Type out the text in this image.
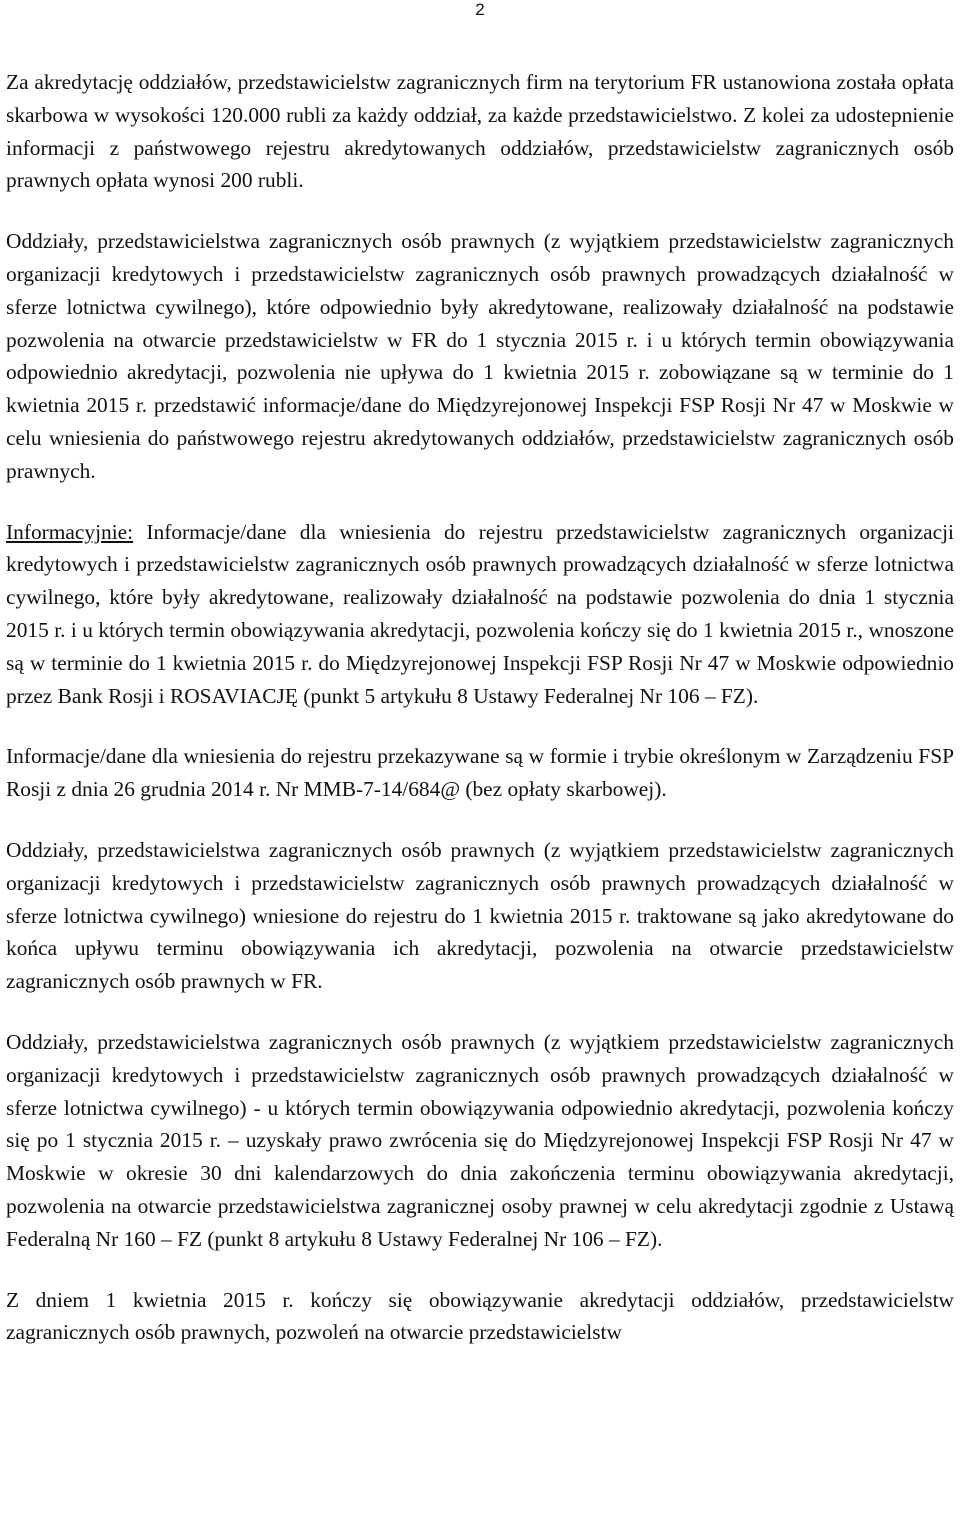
2

Za akredytację oddziałów, przedstawicielstw zagranicznych firm na terytorium FR ustanowiona została opłata skarbowa w wysokości 120.000 rubli za każdy oddział, za każde przedstawicielstwo. Z kolei za udostepnienie informacji z państwowego rejestru akredytowanych oddziałów, przedstawicielstw zagranicznych osób prawnych opłata wynosi 200 rubli.

Oddziały, przedstawicielstwa zagranicznych osób prawnych (z wyjątkiem przedstawicielstw zagranicznych organizacji kredytowych i przedstawicielstw zagranicznych osób prawnych prowadzących działalność w sferze lotnictwa cywilnego), które odpowiednio były akredytowane, realizowały działalność na podstawie pozwolenia na otwarcie przedstawicielstw w FR do 1 stycznia 2015 r. i u których termin obowiązywania odpowiednio akredytacji, pozwolenia nie upływa do 1 kwietnia 2015 r. zobowiązane są w terminie do 1 kwietnia 2015 r. przedstawić informacje/dane do Międzyrejonowej Inspekcji FSP Rosji Nr 47 w Moskwie w celu wniesienia do państwowego rejestru akredytowanych oddziałów, przedstawicielstw zagranicznych osób prawnych.

Informacyjnie: Informacje/dane dla wniesienia do rejestru przedstawicielstw zagranicznych organizacji kredytowych i przedstawicielstw zagranicznych osób prawnych prowadzących działalność w sferze lotnictwa cywilnego, które były akredytowane, realizowały działalność na podstawie pozwolenia do dnia 1 stycznia 2015 r. i u których termin obowiązywania akredytacji, pozwolenia kończy się do 1 kwietnia 2015 r., wnoszone są w terminie do 1 kwietnia 2015 r. do Międzyrejonowej Inspekcji FSP Rosji Nr 47 w Moskwie odpowiednio przez Bank Rosji i ROSAVIACJĘ (punkt 5 artykułu 8 Ustawy Federalnej Nr 106 – FZ).

Informacje/dane dla wniesienia do rejestru przekazywane są w formie i trybie określonym w Zarządzeniu FSP Rosji z dnia 26 grudnia 2014 r. Nr MMB-7-14/684@ (bez opłaty skarbowej).

Oddziały, przedstawicielstwa zagranicznych osób prawnych (z wyjątkiem przedstawicielstw zagranicznych organizacji kredytowych i przedstawicielstw zagranicznych osób prawnych prowadzących działalność w sferze lotnictwa cywilnego) wniesione do rejestru do 1 kwietnia 2015 r. traktowane są jako akredytowane do końca upływu terminu obowiązywania ich akredytacji, pozwolenia na otwarcie przedstawicielstw zagranicznych osób prawnych w FR.

Oddziały, przedstawicielstwa zagranicznych osób prawnych (z wyjątkiem przedstawicielstw zagranicznych organizacji kredytowych i przedstawicielstw zagranicznych osób prawnych prowadzących działalność w sferze lotnictwa cywilnego) - u których termin obowiązywania odpowiednio akredytacji, pozwolenia kończy się po 1 stycznia 2015 r. – uzyskały prawo zwrócenia się do Międzyrejonowej Inspekcji FSP Rosji Nr 47 w Moskwie w okresie 30 dni kalendarzowych do dnia zakończenia terminu obowiązywania akredytacji, pozwolenia na otwarcie przedstawicielstwa zagranicznej osoby prawnej w celu akredytacji zgodnie z Ustawą Federalną Nr 160 – FZ (punkt 8 artykułu 8 Ustawy Federalnej Nr 106 – FZ).

Z dniem 1 kwietnia 2015 r. kończy się obowiązywanie akredytacji oddziałów, przedstawicielstw zagranicznych osób prawnych, pozwoleń na otwarcie przedstawicielstw
